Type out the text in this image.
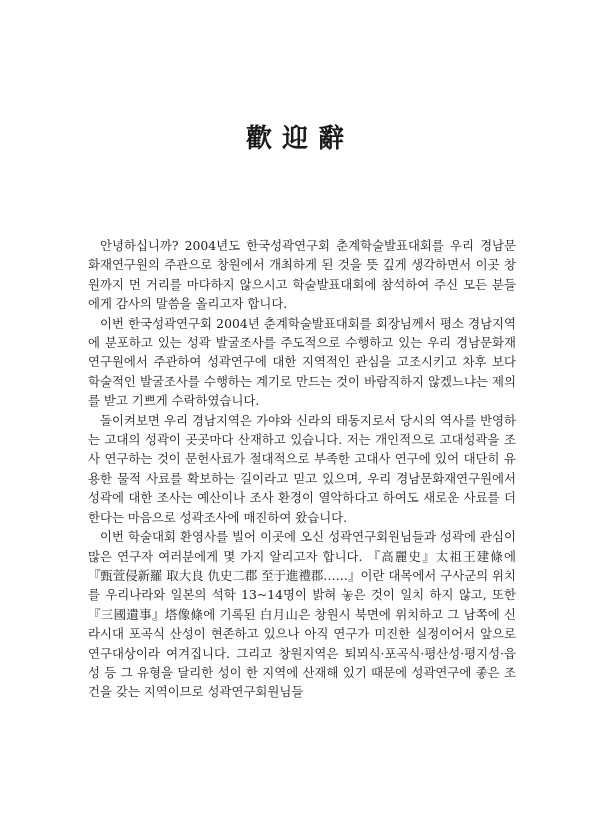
歡迎辭

안녕하십니까? 2004년도 한국성곽연구회 춘계학술발표대회를 우리 경남문화재연구원의 주관으로 창원에서 개최하게 된 것을 뜻 깊게 생각하면서 이곳 창원까지 먼 거리를 마다하지 않으시고 학술발표대회에 참석하여 주신 모든 분들에게 감사의 말씀을 올리고자 합니다.

이번 한국성곽연구회 2004년 춘계학술발표대회를 회장님께서 평소 경남지역에 분포하고 있는 성곽 발굴조사를 주도적으로 수행하고 있는 우리 경남문화재연구원에서 주관하여 성곽연구에 대한 지역적인 관심을 고조시키고 차후 보다 학술적인 발굴조사를 수행하는 계기로 만드는 것이 바람직하지 않겠느냐는 제의를 받고 기쁘게 수락하였습니다.

돌이켜보면 우리 경남지역은 가야와 신라의 태동지로서 당시의 역사를 반영하는 고대의 성곽이 곳곳마다 산재하고 있습니다. 저는 개인적으로 고대성곽을 조사 연구하는 것이 문헌사료가 절대적으로 부족한 고대사 연구에 있어 대단히 유용한 물적 사료를 확보하는 길이라고 믿고 있으며, 우리 경남문화재연구원에서 성곽에 대한 조사는 예산이나 조사 환경이 열악하다고 하여도 새로운 사료를 더한다는 마음으로 성곽조사에 매진하여 왔습니다.

이번 학술대회 환영사를 빌어 이곳에 오신 성곽연구회원님들과 성곽에 관심이 많은 연구자 여러분에게 몇 가지 알리고자 합니다. 『高麗史』太祖王建條에 『甄萱侵新羅 取大良 仇史二郡 至于進禮郡……』이란 대목에서 구사군의 위치를 우리나라와 일본의 석학 13~14명이 밝혀 놓은 것이 일치 하지 않고, 또한 『三國遺事』塔像條에 기록된 白月山은 창원시 북면에 위치하고 그 남쪽에 신라시대 포곡식 산성이 현존하고 있으나 아직 연구가 미진한 실정이어서 앞으로 연구대상이라 여겨집니다. 그리고 창원지역은 퇴뫼식·포곡식·평산성·평지성·읍성 등 그 유형을 달리한 성이 한 지역에 산재해 있기 때문에 성곽연구에 좋은 조건을 갖는 지역이므로 성곽연구회원님들
